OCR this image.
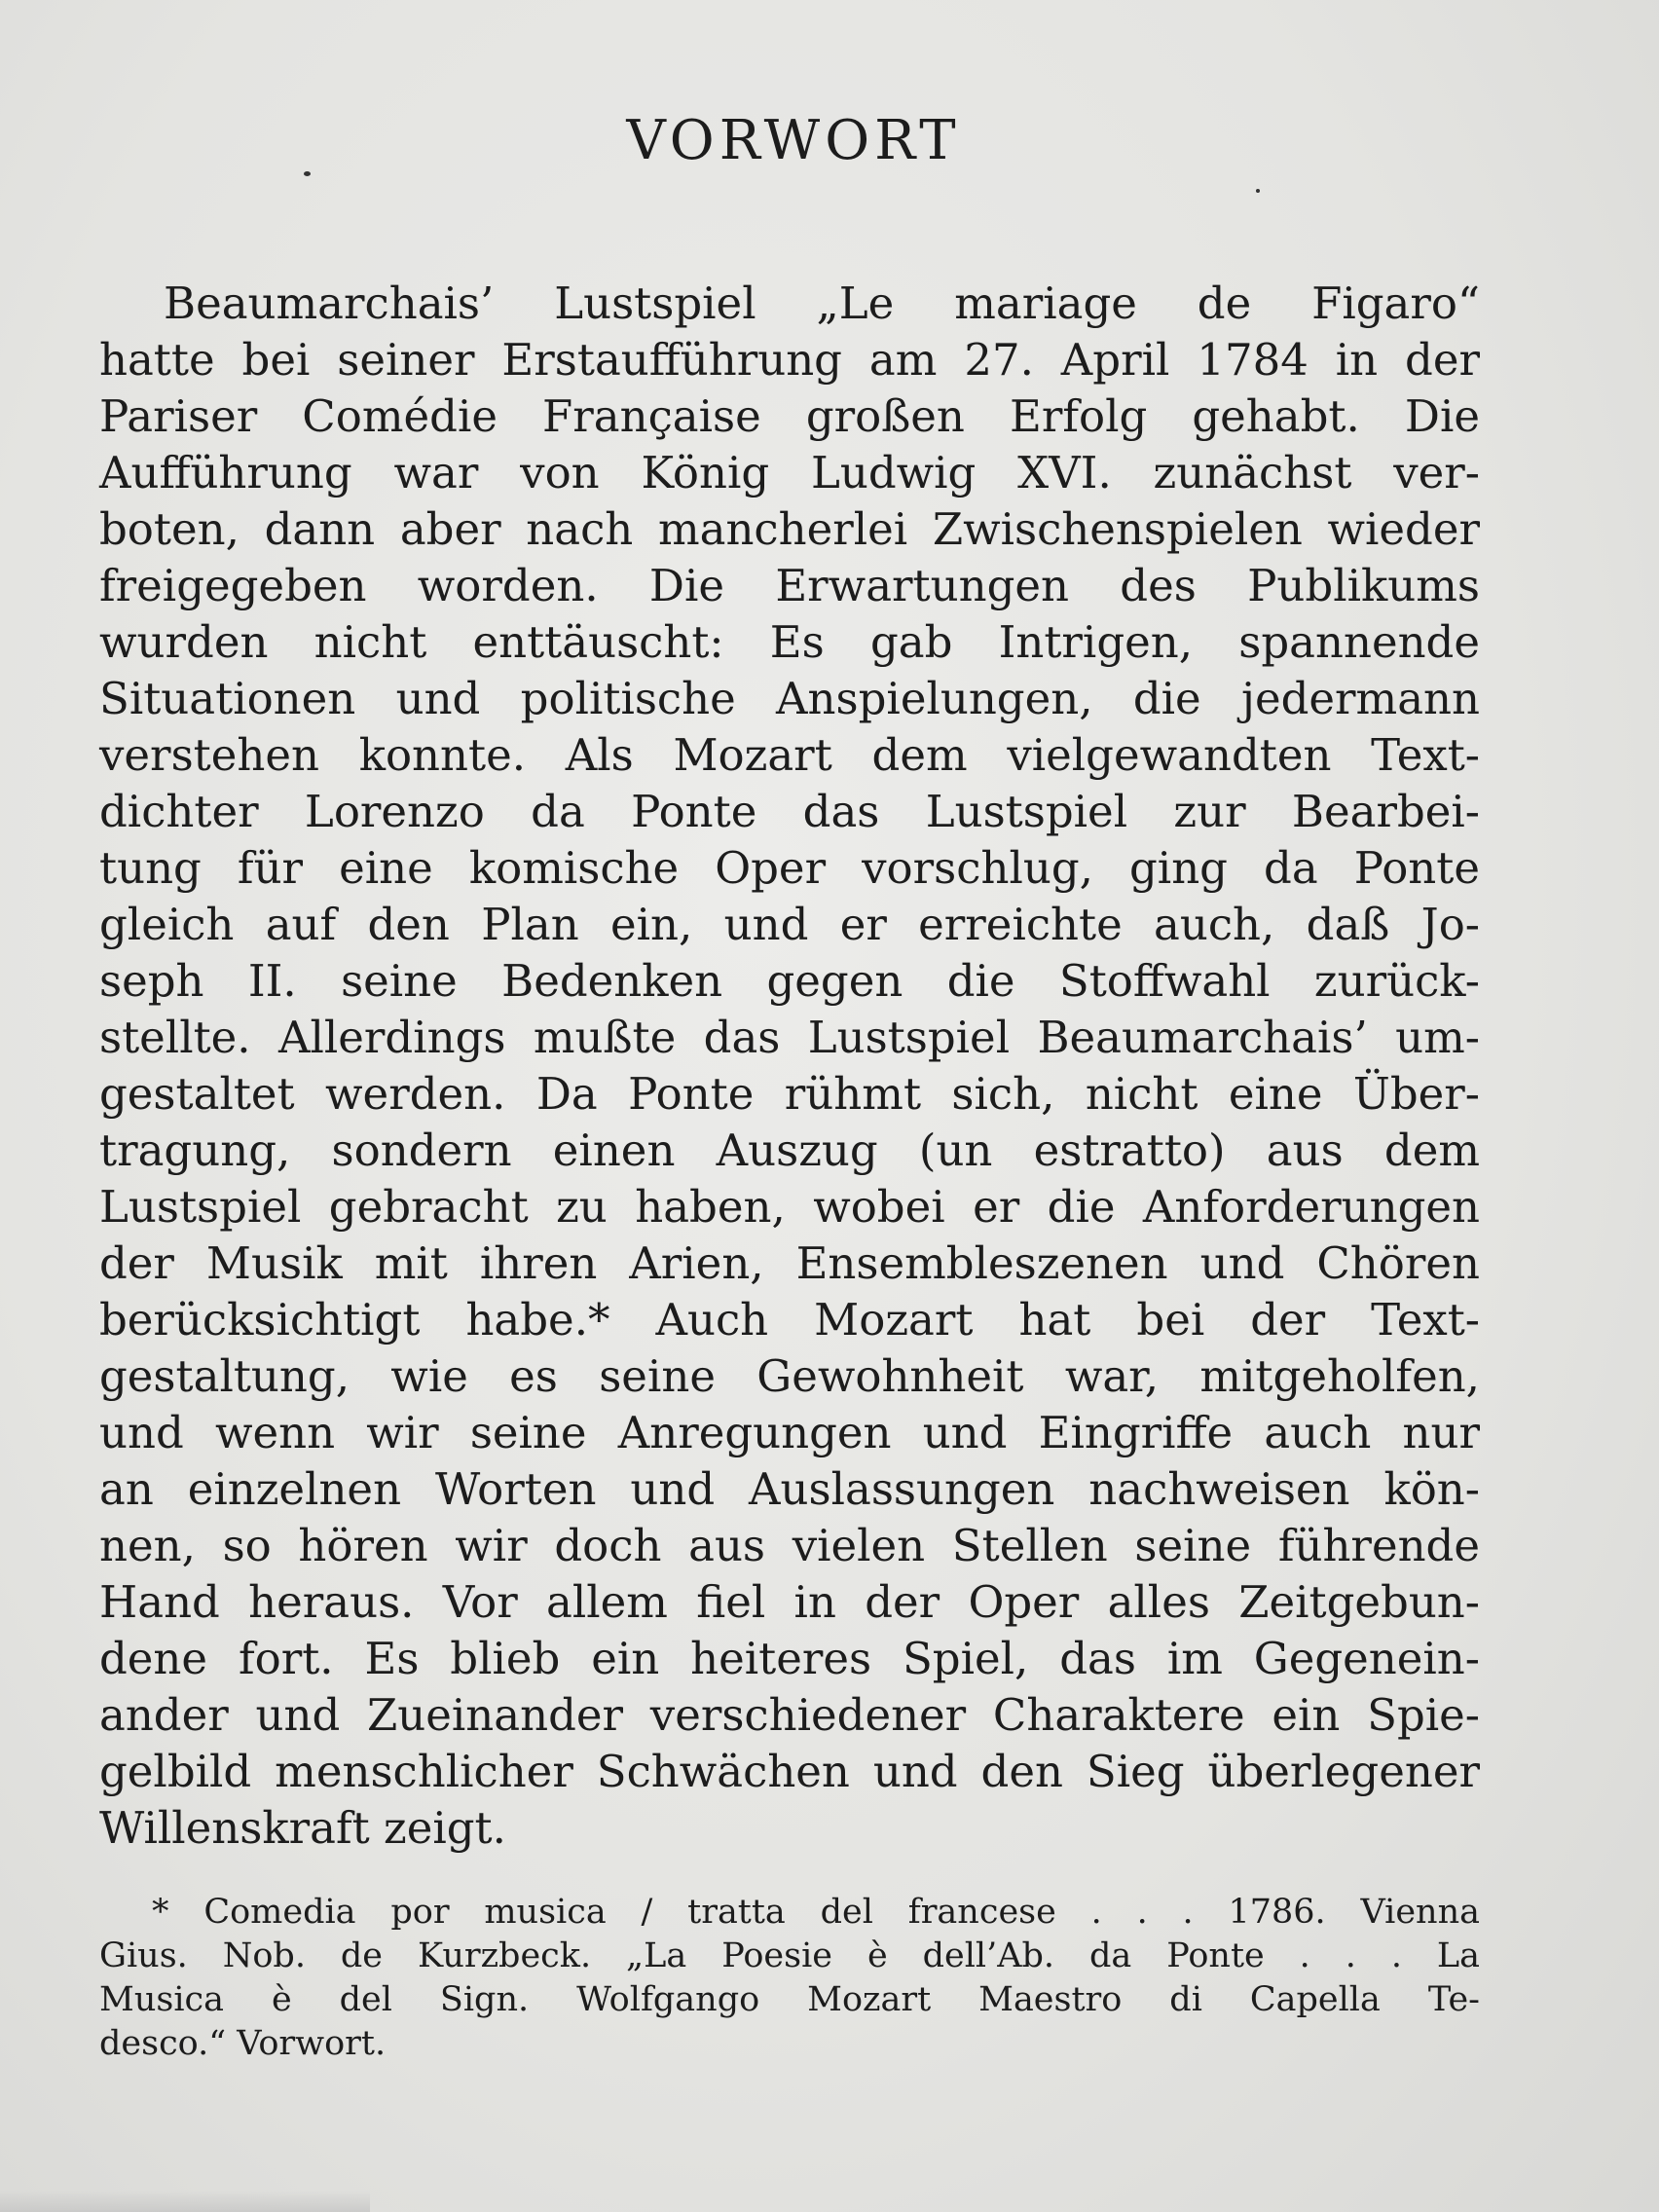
VORWORT
Beaumarchais’ Lustspiel „Le mariage de Figaro“
hatte bei seiner Erstaufführung am 27. April 1784 in der
Pariser Comédie Française großen Erfolg gehabt. Die
Aufführung war von König Ludwig XVI. zunächst ver-
boten, dann aber nach mancherlei Zwischenspielen wieder
freigegeben worden. Die Erwartungen des Publikums
wurden nicht enttäuscht: Es gab Intrigen, spannende
Situationen und politische Anspielungen, die jedermann
verstehen konnte. Als Mozart dem vielgewandten Text-
dichter Lorenzo da Ponte das Lustspiel zur Bearbei-
tung für eine komische Oper vorschlug, ging da Ponte
gleich auf den Plan ein, und er erreichte auch, daß Jo-
seph II. seine Bedenken gegen die Stoffwahl zurück-
stellte. Allerdings mußte das Lustspiel Beaumarchais’ um-
gestaltet werden. Da Ponte rühmt sich, nicht eine Über-
tragung, sondern einen Auszug (un estratto) aus dem
Lustspiel gebracht zu haben, wobei er die Anforderungen
der Musik mit ihren Arien, Ensembleszenen und Chören
berücksichtigt habe.* Auch Mozart hat bei der Text-
gestaltung, wie es seine Gewohnheit war, mitgeholfen,
und wenn wir seine Anregungen und Eingriffe auch nur
an einzelnen Worten und Auslassungen nachweisen kön-
nen, so hören wir doch aus vielen Stellen seine führende
Hand heraus. Vor allem fiel in der Oper alles Zeitgebun-
dene fort. Es blieb ein heiteres Spiel, das im Gegenein-
ander und Zueinander verschiedener Charaktere ein Spie-
gelbild menschlicher Schwächen und den Sieg überlegener
Willenskraft zeigt.
* Comedia por musica / tratta del francese . . . 1786. Vienna
Gius. Nob. de Kurzbeck. „La Poesie è dell’Ab. da Ponte . . . La
Musica è del Sign. Wolfgango Mozart Maestro di Capella Te-
desco.“ Vorwort.
